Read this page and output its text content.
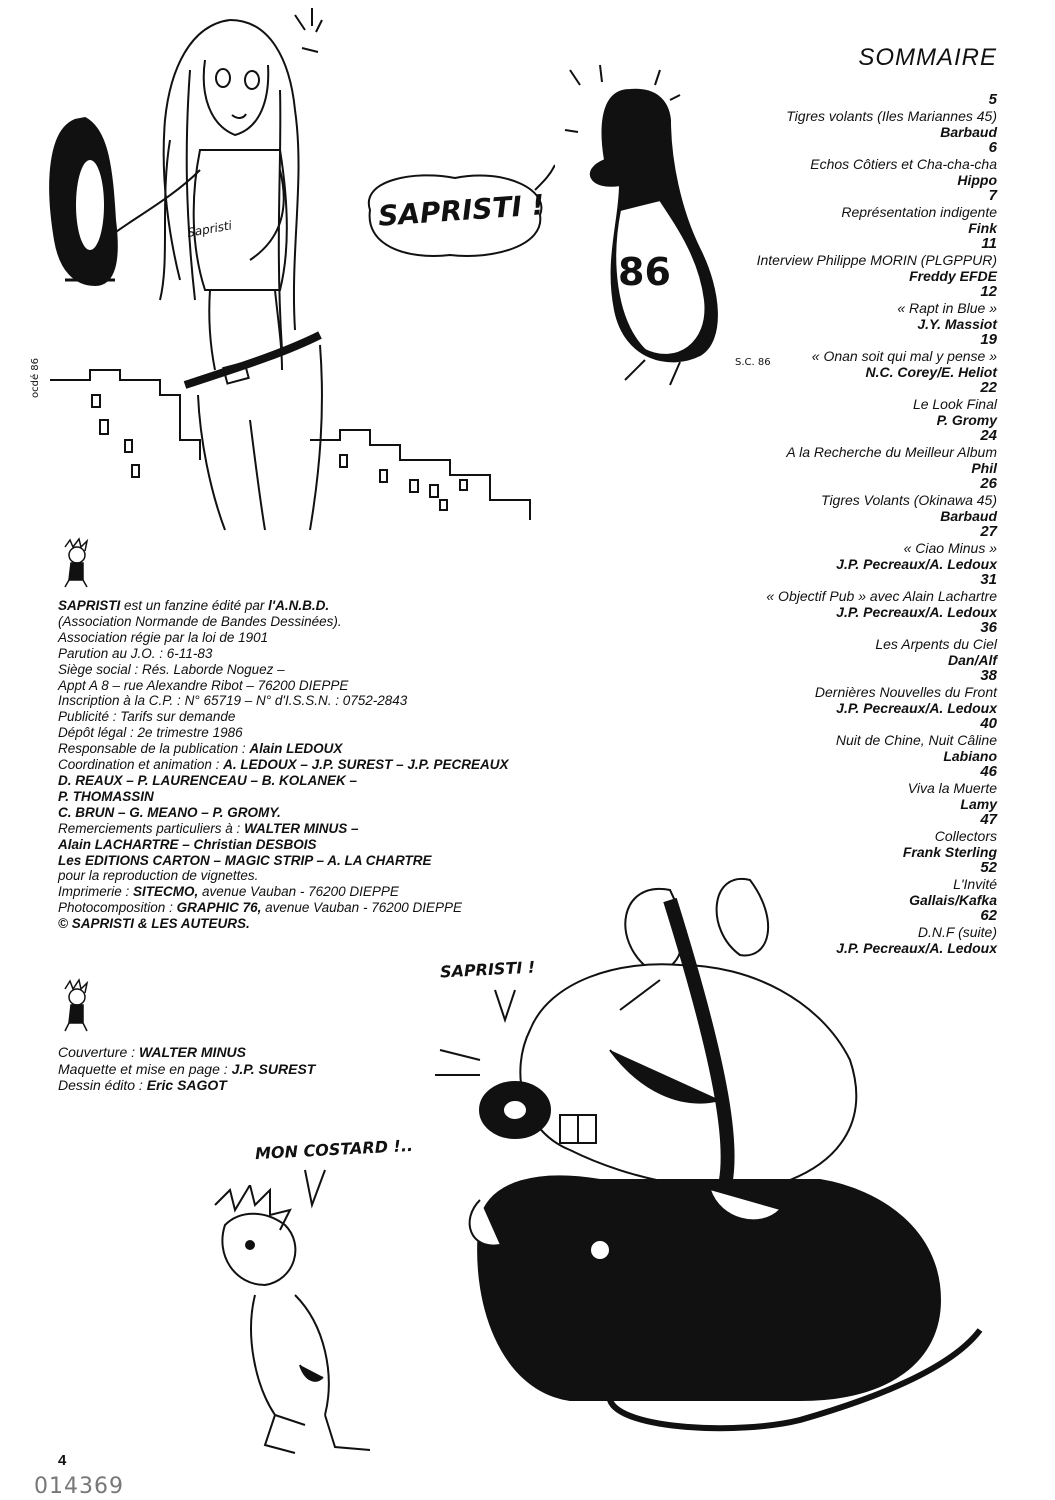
Sapristi
ocdé 86
SAPRISTI !
86
S.C. 86
SAPRISTI !
MON COSTARD !..
SOMMAIRE
5
Tigres volants (Iles Mariannes 45)
Barbaud
6
Echos Côtiers et Cha-cha-cha
Hippo
7
Représentation indigente
Fink
11
Interview Philippe MORIN (PLGPPUR)
Freddy EFDE
12
« Rapt in Blue »
J.Y. Massiot
19
« Onan soit qui mal y pense »
N.C. Corey/E. Heliot
22
Le Look Final
P. Gromy
24
A la Recherche du Meilleur Album
Phil
26
Tigres Volants (Okinawa 45)
Barbaud
27
« Ciao Minus »
J.P. Pecreaux/A. Ledoux
31
« Objectif Pub » avec Alain Lachartre
J.P. Pecreaux/A. Ledoux
36
Les Arpents du Ciel
Dan/Alf
38
Dernières Nouvelles du Front
J.P. Pecreaux/A. Ledoux
40
Nuit de Chine, Nuit Câline
Labiano
46
Viva la Muerte
Lamy
47
Collectors
Frank Sterling
52
L'Invité
Gallais/Kafka
62
D.N.F (suite)
J.P. Pecreaux/A. Ledoux
SAPRISTI est un fanzine édité par l'A.N.B.D.
(Association Normande de Bandes Dessinées).
Association régie par la loi de 1901
Parution au J.O. : 6-11-83
Siège social : Rés. Laborde Noguez –
Appt A 8 – rue Alexandre Ribot – 76200 DIEPPE
Inscription à la C.P. : N° 65719 – N° d'I.S.S.N. : 0752-2843
Publicité : Tarifs sur demande
Dépôt légal : 2e trimestre 1986
Responsable de la publication : Alain LEDOUX
Coordination et animation : A. LEDOUX – J.P. SUREST – J.P. PECREAUX
D. REAUX – P. LAURENCEAU – B. KOLANEK –
P. THOMASSIN
C. BRUN – G. MEANO – P. GROMY.
Remerciements particuliers à : WALTER MINUS –
Alain LACHARTRE – Christian DESBOIS
Les EDITIONS CARTON – MAGIC STRIP – A. LA CHARTRE
pour la reproduction de vignettes.
Imprimerie : SITECMO, avenue Vauban - 76200 DIEPPE
Photocomposition : GRAPHIC 76, avenue Vauban - 76200 DIEPPE
© SAPRISTI & LES AUTEURS.
Couverture : WALTER MINUS
Maquette et mise en page : J.P. SUREST
Dessin édito : Eric SAGOT
4
014369
